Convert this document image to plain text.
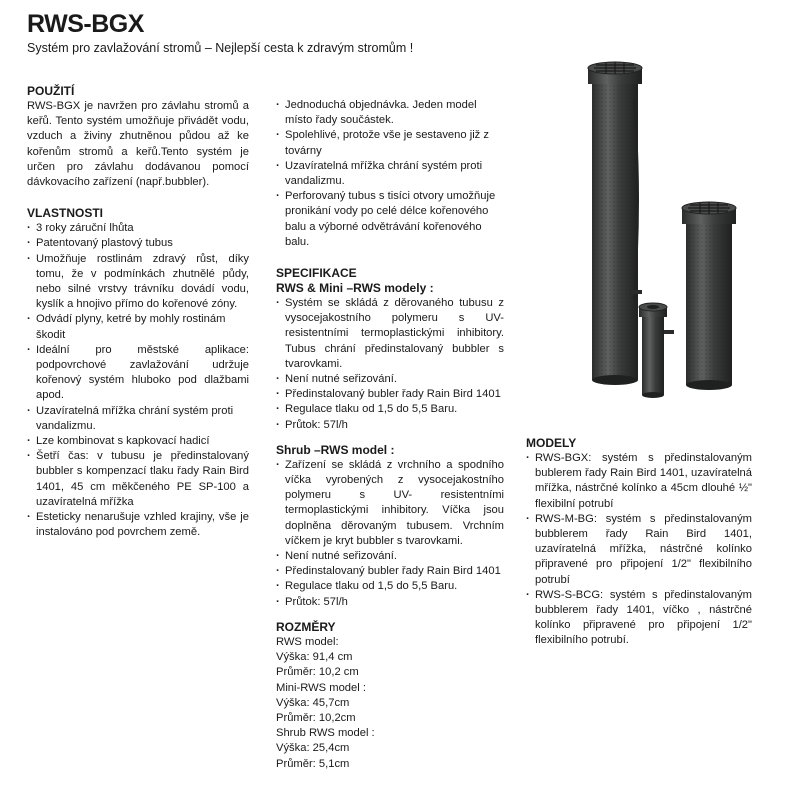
RWS-BGX
Systém pro zavlažování stromů – Nejlepší cesta k zdravým stromům !
POUŽITÍ
RWS-BGX je navržen pro závlahu stromů a keřů. Tento systém umožňuje přivádět vodu, vzduch a živiny zhutněnou půdou až ke kořenům stromů a keřů.Tento systém je určen pro závlahu dodávanou pomocí dávkovacího zařízení (např.bubbler).
VLASTNOSTI
· 3 roky záruční lhůta
· Patentovaný plastový tubus
· Umožňuje rostlinám zdravý růst, díky tomu, že v podmínkách zhutnělé půdy, nebo silné vrstvy trávníku dovádí vodu, kyslík a hnojivo přímo do kořenové zóny.
· Odvádí plyny, ketré by mohly rostinám škodit
· Ideální pro městské aplikace: podpovrchové zavlažování udržuje kořenový systém hluboko pod dlažbami apod.
· Uzavíratelná mřížka chrání systém proti vandalizmu.
· Lze kombinovat s kapkovací hadicí
· Šetří čas: v tubusu je předinstalovaný bubbler s kompenzací tlaku řady Rain Bird 1401, 45 cm měkčeného PE SP-100 a uzavíratelná mřížka
· Esteticky nenarušuje vzhled krajiny, vše je instalováno pod povrchem země.
· Jednoduchá objednávka. Jeden model místo řady součástek.
· Spolehlivé, protože vše je sestaveno již z továrny
· Uzavíratelná mřížka chrání systém proti vandalizmu.
· Perforovaný tubus s tisíci otvory umožňuje pronikání vody po celé délce kořenového balu a výborné odvětrávání kořenového balu.
SPECIFIKACE
RWS & Mini –RWS modely :
· Systém se skládá z děrovaného tubusu z vysocejakostního polymeru s UV- resistentními termoplastickými inhibitory. Tubus chrání předinstalovaný bubbler s tvarovkami.
· Není nutné seřizování.
· Předinstalovaný bubler řady Rain Bird 1401
· Regulace tlaku od 1,5 do 5,5 Baru.
· Průtok: 57l/h
Shrub –RWS model :
· Zařízení se skládá z vrchního a spodního víčka vyrobených z vysocejakostního polymeru s UV- resistentními termoplastickými inhibitory. Víčka jsou doplněna děrovaným tubusem. Vrchním víčkem je kryt bubbler s tvarovkami.
· Není nutné seřizování.
· Předinstalovaný bubler řady Rain Bird 1401
· Regulace tlaku od 1,5 do 5,5 Baru.
· Průtok: 57l/h
ROZMĚRY
RWS model:
Výška: 91,4 cm
Průměr: 10,2 cm
Mini-RWS model :
Výška: 45,7cm
Průměr: 10,2cm
Shrub RWS model :
Výška: 25,4cm
Průměr: 5,1cm
MODELY
· RWS-BGX: systém s předinstalovaným bublerem řady Rain Bird 1401, uzavíratelná mřížka, nástrčné kolínko a 45cm dlouhé ½" flexibilní potrubí
· RWS-M-BG: systém s předinstalovaným bubblerem řady Rain Bird 1401, uzavíratelná mřížka, nástrčné kolínko připravené pro připojení 1/2" flexibilního potrubí
· RWS-S-BCG: systém s předinstalovaným bubblerem řady 1401, víčko , nástrčné kolínko připravené pro připojení 1/2" flexibilního potrubí.
